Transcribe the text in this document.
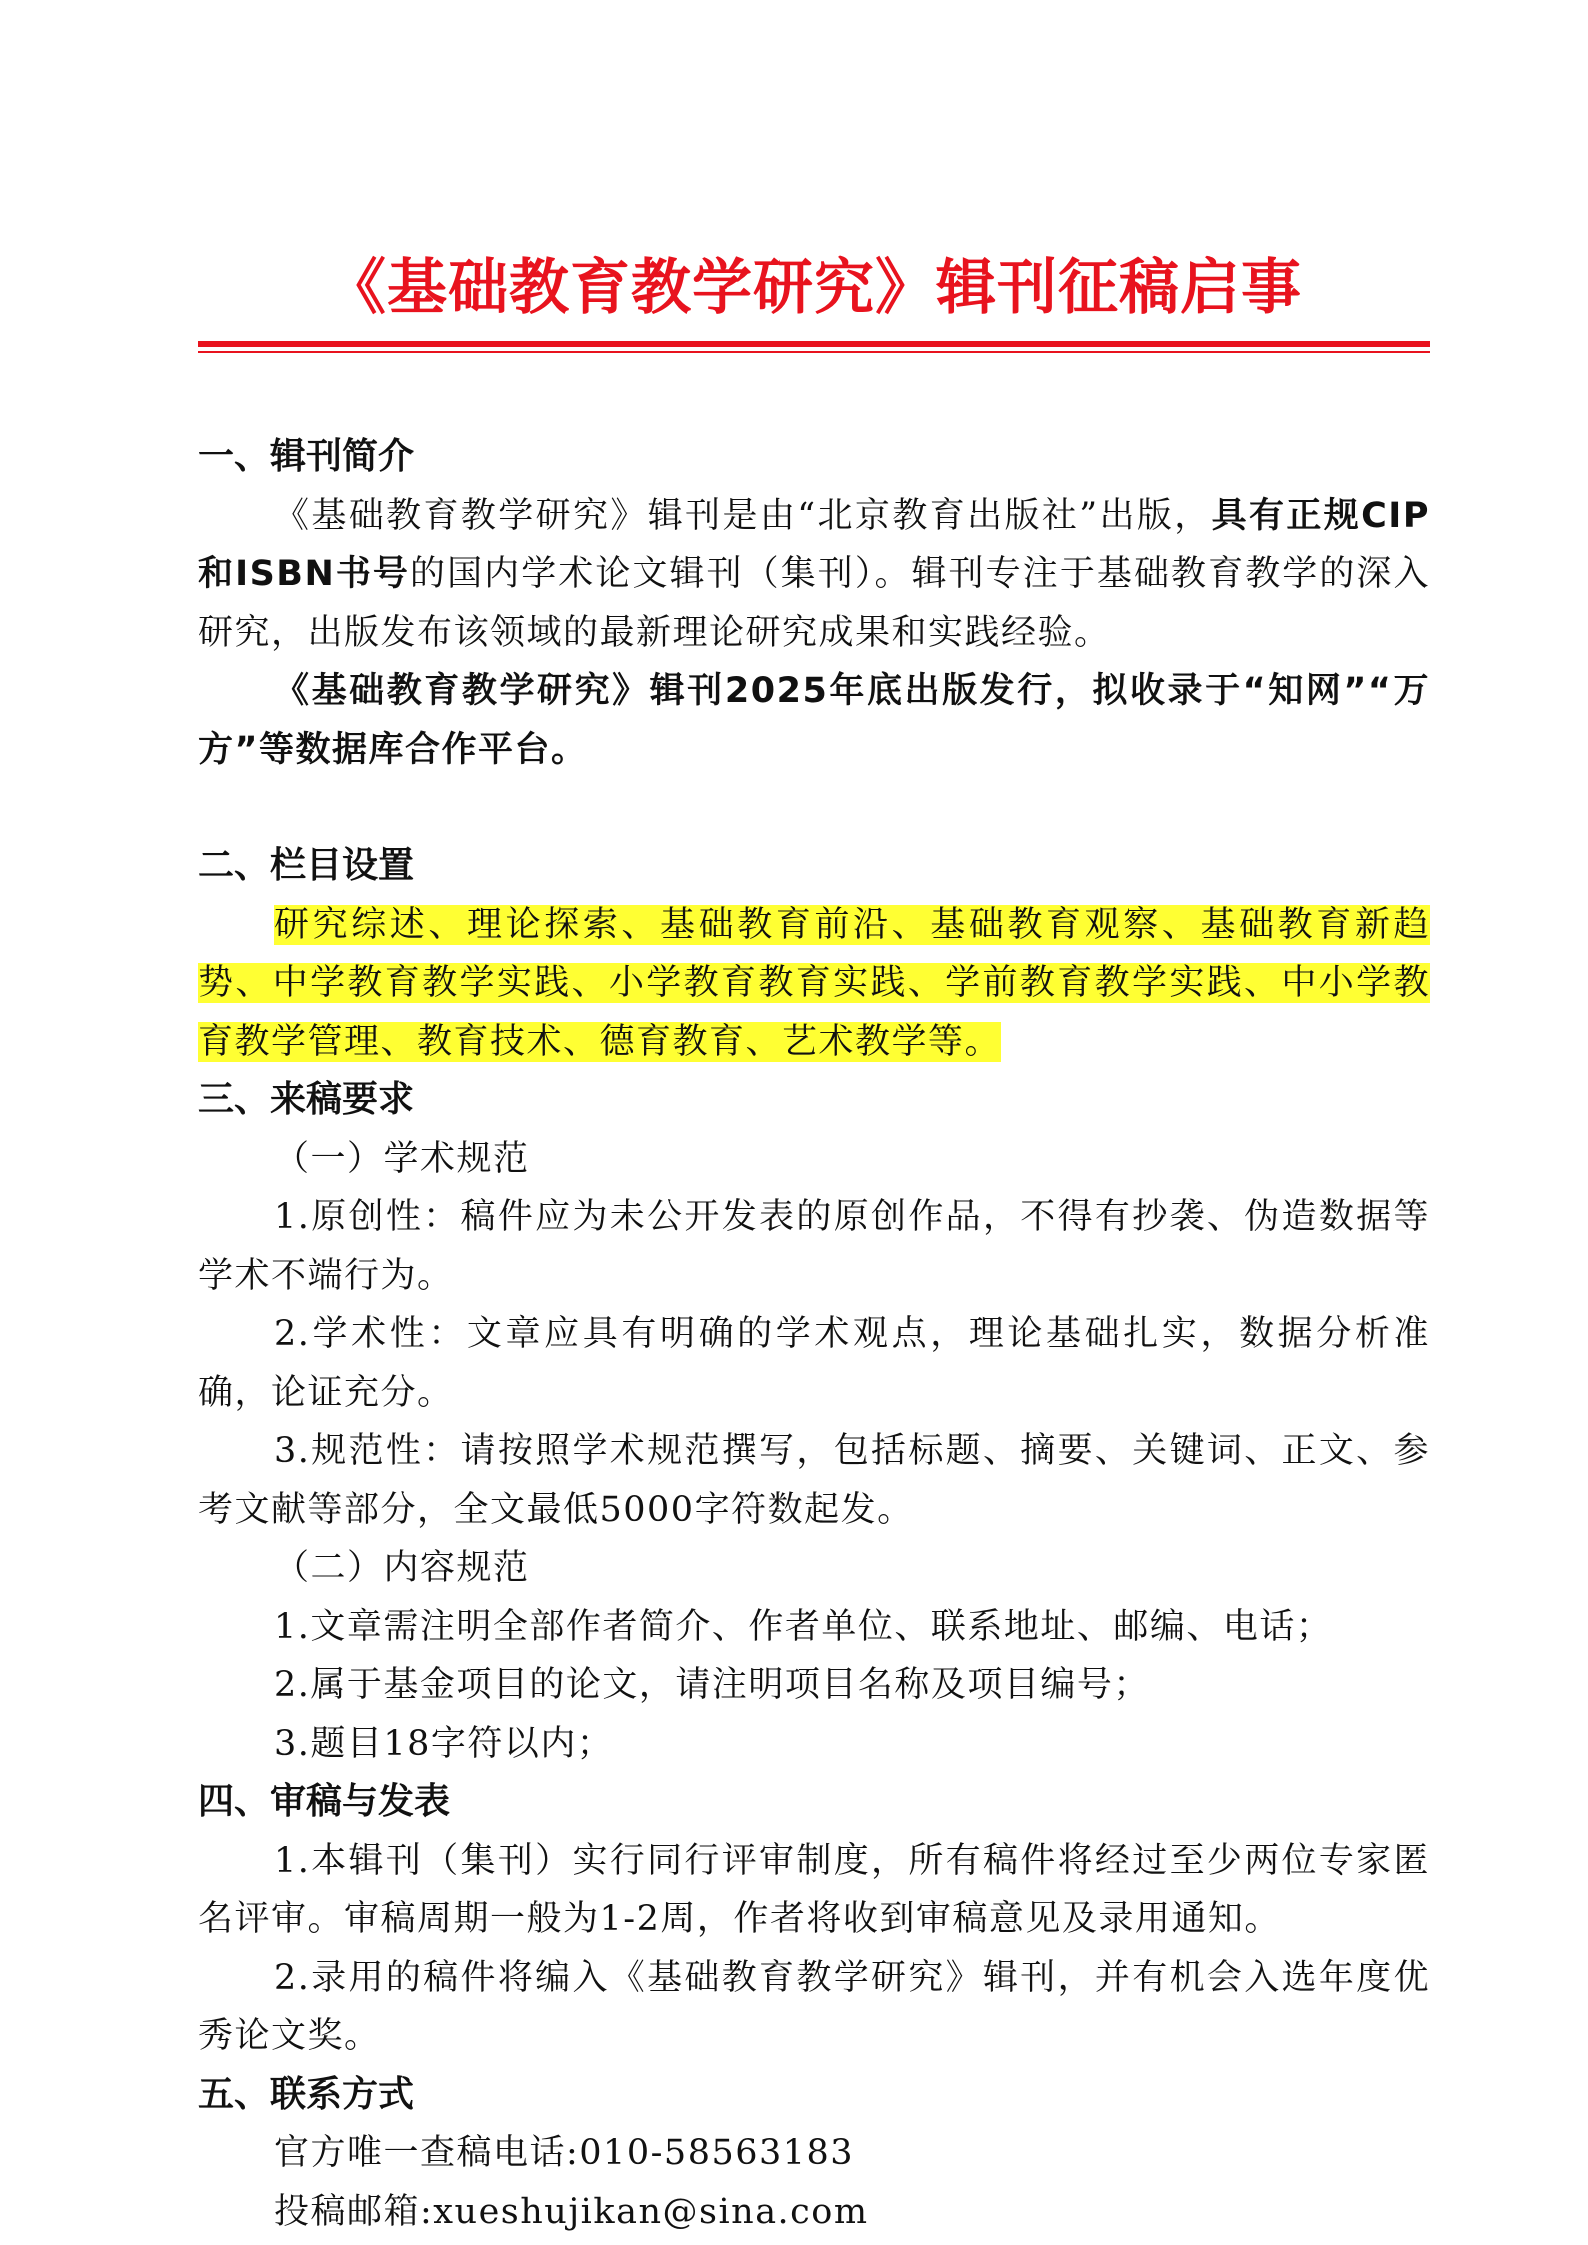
《基础教育教学研究》辑刊征稿启事

一、辑刊简介

《基础教育教学研究》辑刊是由“北京教育出版社”出版，具有正规CIP和ISBN书号的国内学术论文辑刊（集刊）。辑刊专注于基础教育教学的深入研究，出版发布该领域的最新理论研究成果和实践经验。

《基础教育教学研究》辑刊2025年底出版发行，拟收录于“知网”“万方”等数据库合作平台。

二、栏目设置

研究综述、理论探索、基础教育前沿、基础教育观察、基础教育新趋势、中学教育教学实践、小学教育教育实践、学前教育教学实践、中小学教育教学管理、教育技术、德育教育、艺术教学等。

三、来稿要求

（一）学术规范

1.原创性：稿件应为未公开发表的原创作品，不得有抄袭、伪造数据等学术不端行为。

2.学术性：文章应具有明确的学术观点，理论基础扎实，数据分析准确，论证充分。

3.规范性：请按照学术规范撰写，包括标题、摘要、关键词、正文、参考文献等部分，全文最低5000字符数起发。

（二）内容规范

1.文章需注明全部作者简介、作者单位、联系地址、邮编、电话；

2.属于基金项目的论文，请注明项目名称及项目编号；

3.题目18字符以内；

四、审稿与发表

1.本辑刊（集刊）实行同行评审制度，所有稿件将经过至少两位专家匿名评审。审稿周期一般为1-2周，作者将收到审稿意见及录用通知。

2.录用的稿件将编入《基础教育教学研究》辑刊，并有机会入选年度优秀论文奖。

五、联系方式

官方唯一查稿电话:010-58563183

投稿邮箱:xueshujikan@sina.com
